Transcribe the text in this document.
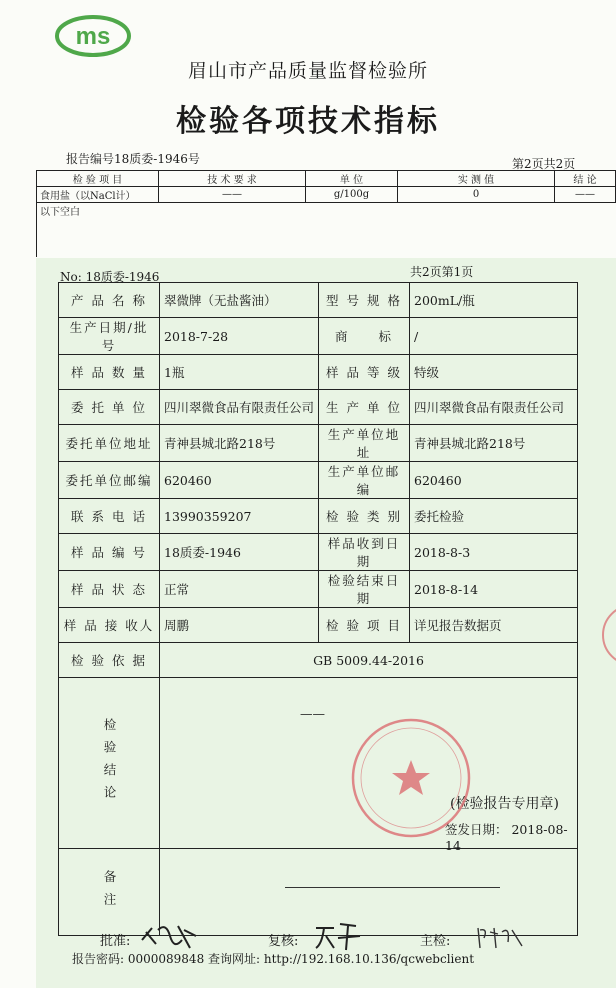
ms
眉山市产品质量监督检验所
检验各项技术指标
报告编号18质委-1946号	第2页共2页
检 验 项 目	技 术 要 求	单 位	实 测 值	结 论
食用盐（以NaCl计）	——	g/100g	0	——
以下空白				
No: 18质委-1946	共2页第1页
产 品 名 称	翠微牌（无盐酱油）	型 号 规 格	200mL/瓶
生产日期/批号	2018-7-28	商　　标	/
样 品 数 量	1瓶	样 品 等 级	特级
委 托 单 位	四川翠微食品有限责任公司	生 产 单 位	四川翠微食品有限责任公司
委托单位地址	青神县城北路218号	生产单位地址	青神县城北路218号
委托单位邮编	620460	生产单位邮编	620460
联 系 电 话	13990359207	检 验 类 别	委托检验
样 品 编 号	18质委-1946	样品收到日期	2018-8-3
样 品 状 态	正常	检验结束日期	2018-8-14
样 品 接 收人	周鹏	检 验 项 目	详见报告数据页
检 验 依 据	GB 5009.44-2016		

检验结论	——
(检验报告专用章)
签发日期： 2018-08-14		

备注			

批准:	复核:	主检:
报告密码: 0000089848 查询网址: http://192.168.10.136/qcwebclient
